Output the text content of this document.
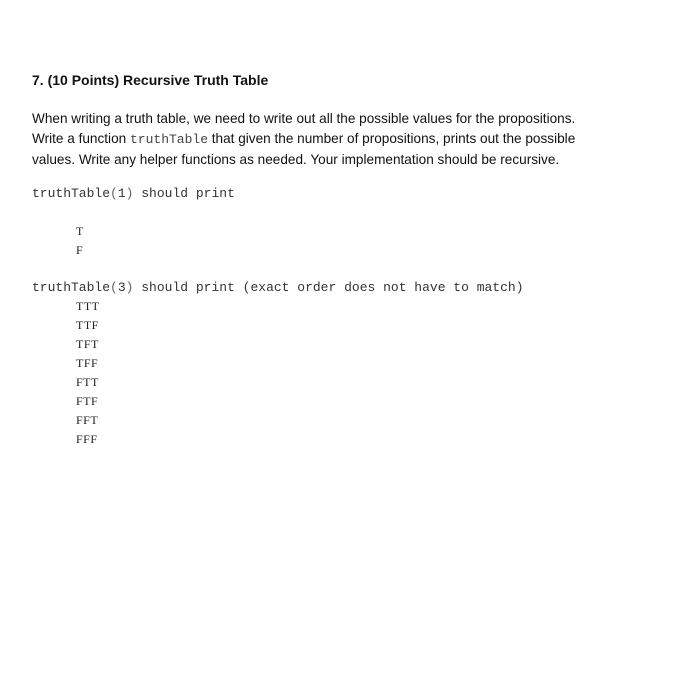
7. (10 Points) Recursive Truth Table
When writing a truth table, we need to write out all the possible values for the propositions.
Write a function truthTable that given the number of propositions, prints out the possible
values. Write any helper functions as needed. Your implementation should be recursive.
truthTable(1) should print
T
F
truthTable(3) should print (exact order does not have to match)
TTT
TTF
TFT
TFF
FTT
FTF
FFT
FFF
